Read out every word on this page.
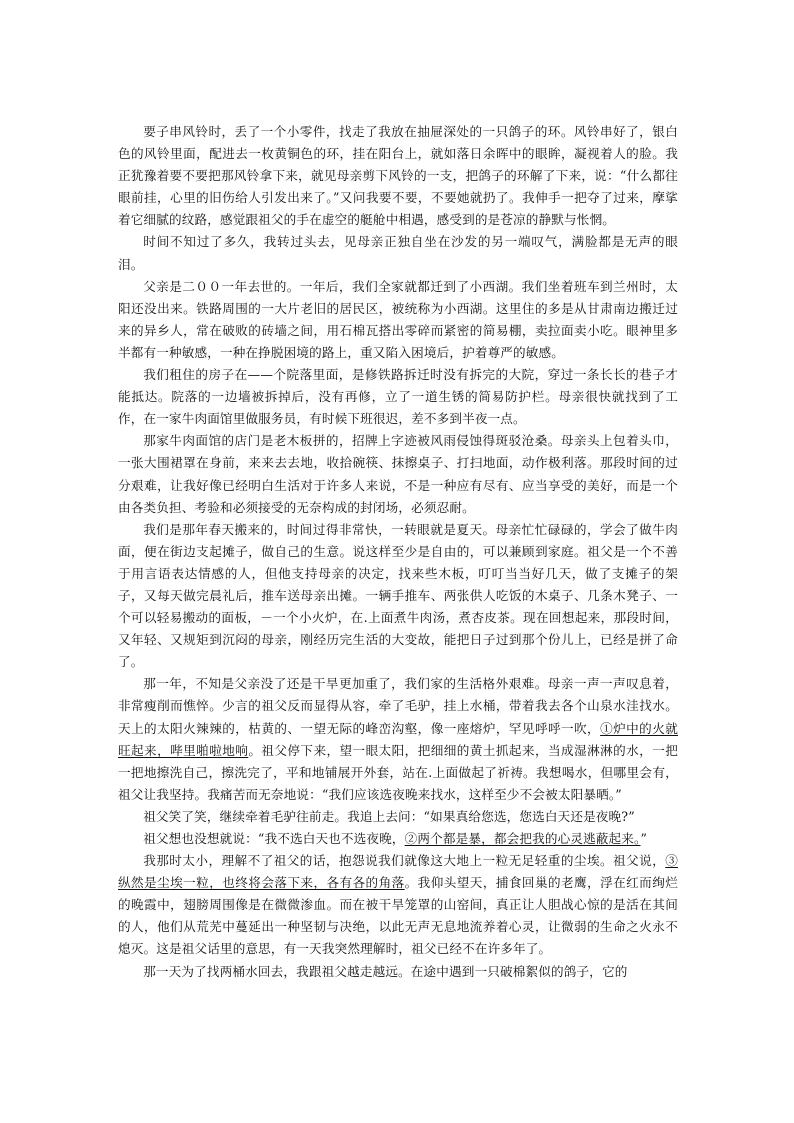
要子串风铃时，丢了一个小零件，找走了我放在抽屉深处的一只鸽子的环。风铃串好了，银白色的风铃里面，配进去一枚黄铜色的环，挂在阳台上，就如落日余晖中的眼眸，凝视着人的脸。我正犹豫着要不要把那风铃拿下来，就见母亲剪下风铃的一支，把鸽子的环解了下来，说：“什么都往眼前挂，心里的旧伤给人引发出来了。”又问我要不要，不要她就扔了。我伸手一把夺了过来，摩挲着它细腻的纹路，感觉跟祖父的手在虚空的艇舱中相遇，感受到的是苍凉的静默与怅惘。

时间不知过了多久，我转过头去，见母亲正独自坐在沙发的另一端叹气，满脸都是无声的眼泪。

父亲是二００一年去世的。一年后，我们全家就都迁到了小西湖。我们坐着班车到兰州时，太阳还没出来。铁路周围的一大片老旧的居民区，被统称为小西湖。这里住的多是从甘肃南边搬迁过来的异乡人，常在破败的砖墙之间，用石棉瓦搭出零碎而紧密的简易棚，卖拉面卖小吃。眼神里多半都有一种敏感，一种在挣脱困境的路上，重又陷入困境后，护着尊严的敏感。

我们租住的房子在——个院落里面，是修铁路拆迁时没有拆完的大院，穿过一条长长的巷子才能抵达。院落的一边墙被拆掉后，没有再修，立了一道生锈的简易防护栏。母亲很快就找到了工作，在一家牛肉面馆里做服务员，有时候下班很迟，差不多到半夜一点。

那家牛肉面馆的店门是老木板拼的，招牌上字迹被风雨侵蚀得斑驳沧桑。母亲头上包着头巾，一张大围裙罩在身前，来来去去地，收拾碗筷、抹擦桌子、打扫地面，动作极利落。那段时间的过分艰难，让我好像已经明白生活对于许多人来说，不是一种应有尽有、应当享受的美好，而是一个由各类负担、考验和必须接受的无奈构成的封闭场，必须忍耐。

我们是那年春天搬来的，时间过得非常快，一转眼就是夏天。母亲忙忙碌碌的，学会了做牛肉面，便在街边支起摊子，做自己的生意。说这样至少是自由的，可以兼顾到家庭。祖父是一个不善于用言语表达情感的人，但他支持母亲的决定，找来些木板，叮叮当当好几天，做了支摊子的架子，又每天做完晨礼后，推车送母亲出摊。一辆手推车、两张供人吃饭的木桌子、几条木凳子、一个可以轻易搬动的面板，－一个小火炉，在.上面煮牛肉汤，煮杏皮茶。现在回想起来，那段时间，又年轻、又规矩到沉闷的母亲，刚经历完生活的大变故，能把日子过到那个份儿上，已经是拼了命了。

那一年，不知是父亲没了还是干旱更加重了，我们家的生活格外艰难。母亲一声一声叹息着，非常瘦削而憔悴。少言的祖父反而显得从容，牵了毛驴，挂上水桶，带着我去各个山泉水洼找水。天上的太阳火辣辣的，枯黄的、一望无际的峰峦沟壑，像一座熔炉，罕见呼呼一吹，①炉中的火就旺起来，哔里啪啦地响。祖父停下来，望一眼太阳，把细细的黄土抓起来，当成湿淋淋的水，一把一把地擦洗自己，擦洗完了，平和地铺展开外套，站在.上面做起了祈祷。我想喝水，但哪里会有，祖父让我坚持。我痛苦而无奈地说：“我们应该选夜晚来找水，这样至少不会被太阳暴晒。”

祖父笑了笑，继续牵着毛驴往前走。我追上去问：“如果真给您选，您选白天还是夜晚?”

祖父想也没想就说：“我不选白天也不选夜晚，②两个都是暴，都会把我的心灵逃蔽起来。”

我那时太小，理解不了祖父的话，抱怨说我们就像这大地上一粒无足轻重的尘埃。祖父说，③纵然是尘埃一粒，也终将会落下来，各有各的角落。我仰头望天，捕食回巢的老鹰，浮在红而绚烂的晚霞中，翅膀周围像是在微微渗血。而在被干旱笼罩的山窑间，真正让人胆战心惊的是活在其间的人，他们从荒芜中蔓延出一种坚韧与决绝，以此无声无息地流养着心灵，让微弱的生命之火永不熄灭。这是祖父话里的意思，有一天我突然理解时，祖父已经不在许多年了。

那一天为了找两桶水回去，我跟祖父越走越远。在途中遇到一只破棉絮似的鸽子，它的
